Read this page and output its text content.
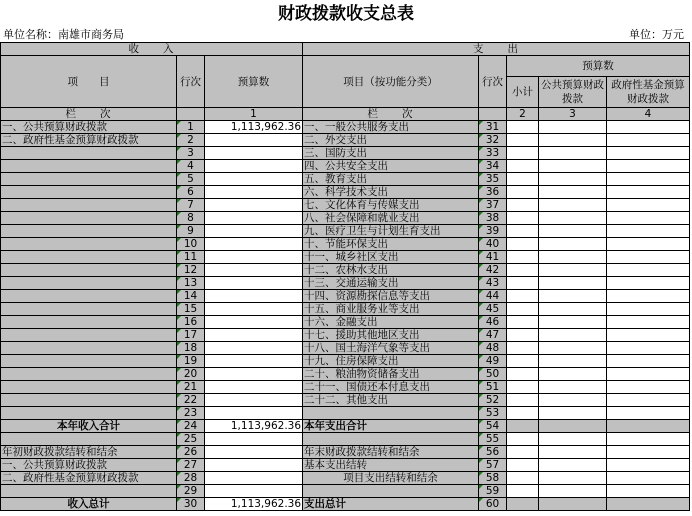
财政拨款收支总表
单位名称：南雄市商务局	单位：万元
收　　入			支　　出				
项　　目	行次	预算数	项目（按功能分类）	行次	预算数		
					小计	公共预算财政拨款	政府性基金预算财政拨款
栏　　次		1	栏　　次		2	3	4
一、公共预算财政拨款	1	1,113,962.36	一、一般公共服务支出	31			
二、政府性基金预算财政拨款	2		二、外交支出	32			
	3		三、国防支出	33			
	4		四、公共安全支出	34			
	5		五、教育支出	35			
	6		六、科学技术支出	36			
	7		七、文化体育与传媒支出	37			
	8		八、社会保障和就业支出	38			
	9		九、医疗卫生与计划生育支出	39			
	10		十、节能环保支出	40			
	11		十一、城乡社区支出	41			
	12		十二、农林水支出	42			
	13		十三、交通运输支出	43			
	14		十四、资源勘探信息等支出	44			
	15		十五、商业服务业等支出	45			
	16		十六、金融支出	46			
	17		十七、援助其他地区支出	47			
	18		十八、国土海洋气象等支出	48			
	19		十九、住房保障支出	49			
	20		二十、粮油物资储备支出	50			
	21		二十一、国债还本付息支出	51			
	22		二十二、其他支出	52			
	23			53			
本年收入合计	24	1,113,962.36	本年支出合计	54			
	25			55			
年初财政拨款结转和结余	26		年末财政拨款结转和结余	56			
一、公共预算财政拨款	27		基本支出结转	57			
二、政府性基金预算财政拨款	28		项目支出结转和结余	58			
	29			59			
收入总计	30	1,113,962.36	支出总计	60			
